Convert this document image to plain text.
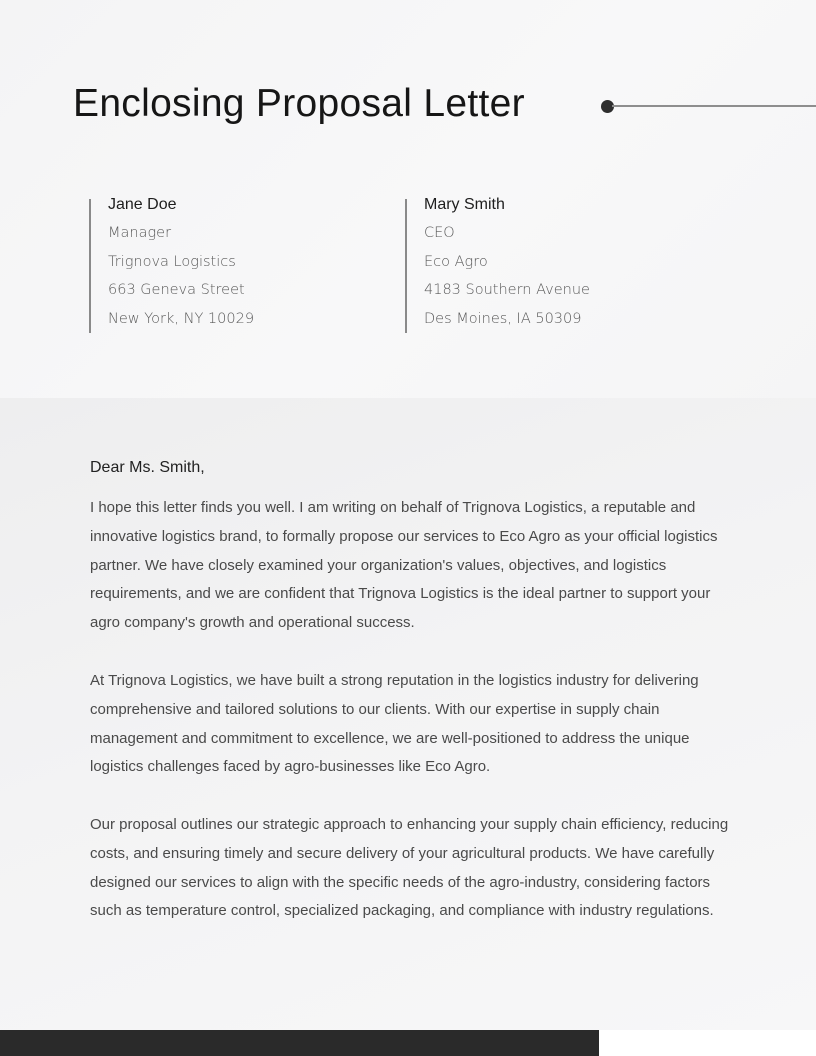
Enclosing Proposal Letter
Jane Doe
Manager
Trignova Logistics
663 Geneva Street
New York, NY 10029
Mary Smith
CEO
Eco Agro
4183 Southern Avenue
Des Moines, IA 50309
Dear Ms. Smith,

I hope this letter finds you well. I am writing on behalf of Trignova Logistics, a reputable and innovative logistics brand, to formally propose our services to Eco Agro as your official logistics partner. We have closely examined your organization's values, objectives, and logistics requirements, and we are confident that Trignova Logistics is the ideal partner to support your agro company's growth and operational success.

At Trignova Logistics, we have built a strong reputation in the logistics industry for delivering comprehensive and tailored solutions to our clients. With our expertise in supply chain management and commitment to excellence, we are well-positioned to address the unique logistics challenges faced by agro-businesses like Eco Agro.

Our proposal outlines our strategic approach to enhancing your supply chain efficiency, reducing costs, and ensuring timely and secure delivery of your agricultural products. We have carefully designed our services to align with the specific needs of the agro-industry, considering factors such as temperature control, specialized packaging, and compliance with industry regulations.
